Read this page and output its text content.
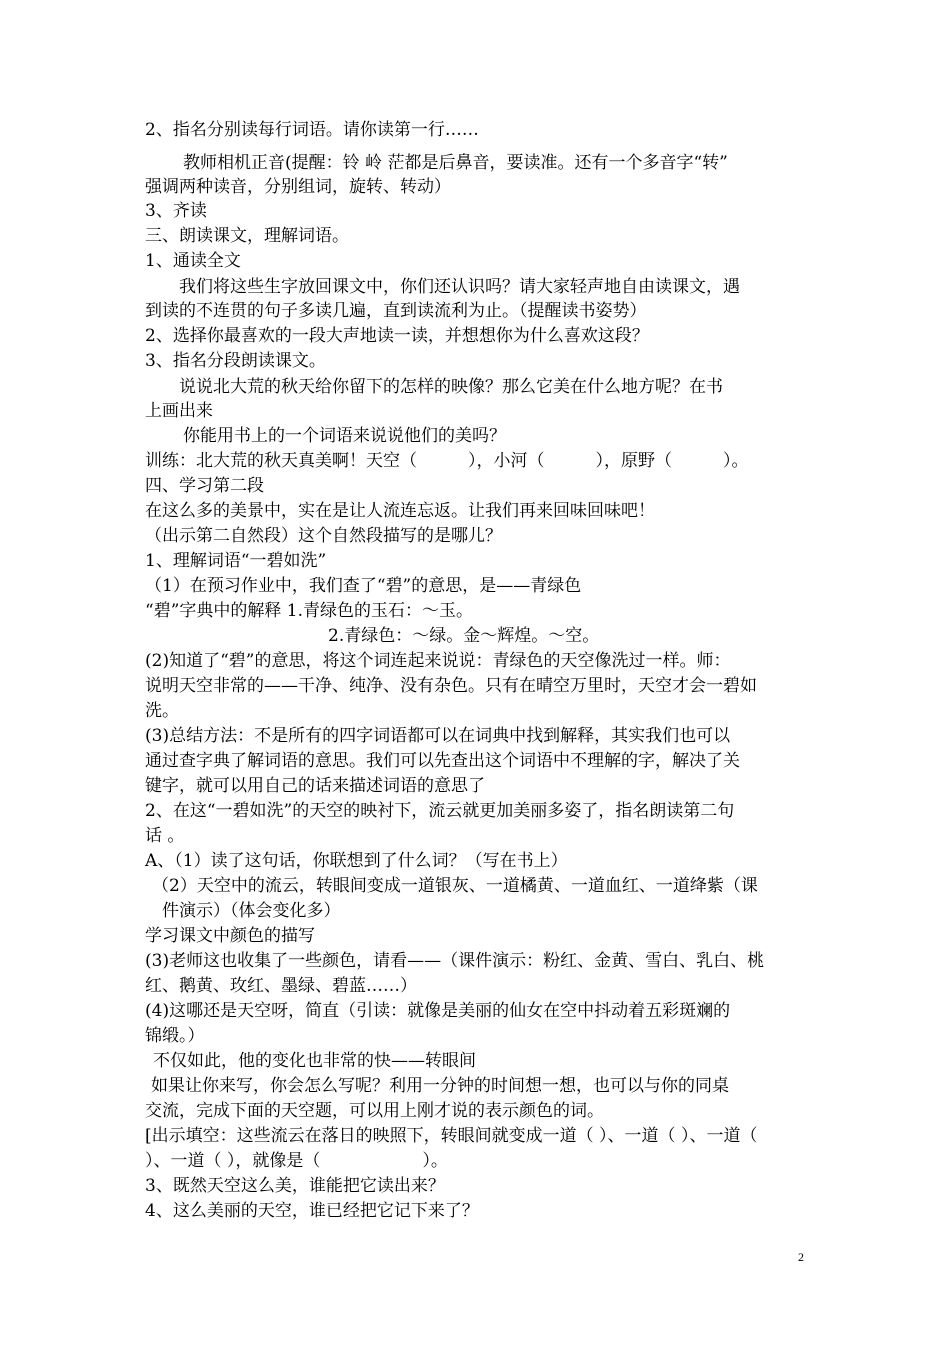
2、指名分别读每行词语。请你读第一行……
教师相机正音(提醒：铃 岭 茫都是后鼻音，要读准。还有一个多音字“转”
强调两种读音，分别组词，旋转、转动）
3、齐读
三、朗读课文，理解词语。
1、通读全文
我们将这些生字放回课文中，你们还认识吗？请大家轻声地自由读课文，遇
到读的不连贯的句子多读几遍，直到读流利为止。（提醒读书姿势）
2、选择你最喜欢的一段大声地读一读，并想想你为什么喜欢这段？
3、指名分段朗读课文。
说说北大荒的秋天给你留下的怎样的映像？那么它美在什么地方呢？在书
上画出来
你能用书上的一个词语来说说他们的美吗？
训练：北大荒的秋天真美啊！天空（　　　），小河（　　　），原野（　　　）。
四、学习第二段
在这么多的美景中，实在是让人流连忘返。让我们再来回味回味吧！
（出示第二自然段）这个自然段描写的是哪儿？
1、理解词语“一碧如洗”
（1）在预习作业中，我们查了“碧”的意思，是——青绿色
“碧”字典中的解释 1.青绿色的玉石：～玉。
2.青绿色：～绿。金～辉煌。～空。
(2)知道了“碧”的意思，将这个词连起来说说：青绿色的天空像洗过一样。师：
说明天空非常的——干净、纯净、没有杂色。只有在晴空万里时，天空才会一碧如
洗。
(3)总结方法：不是所有的四字词语都可以在词典中找到解释，其实我们也可以
通过查字典了解词语的意思。我们可以先查出这个词语中不理解的字，解决了关
键字，就可以用自己的话来描述词语的意思了
2、在这“一碧如洗”的天空的映衬下，流云就更加美丽多姿了，指名朗读第二句
话 。
A、（1）读了这句话，你联想到了什么词？（写在书上）
（2）天空中的流云，转眼间变成一道银灰、一道橘黄、一道血红、一道绛紫（课
件演示）（体会变化多）
学习课文中颜色的描写
(3)老师这也收集了一些颜色，请看——（课件演示：粉红、金黄、雪白、乳白、桃
红、鹅黄、玫红、墨绿、碧蓝……）
(4)这哪还是天空呀，简直（引读：就像是美丽的仙女在空中抖动着五彩斑斓的
锦缎。）
不仅如此，他的变化也非常的快——转眼间
如果让你来写，你会怎么写呢？利用一分钟的时间想一想，也可以与你的同桌
交流，完成下面的天空题，可以用上刚才说的表示颜色的词。
[出示填空：这些流云在落日的映照下，转眼间就变成一道（ ）、一道（ ）、一道（
）、一道（ ），就像是（　　　　　　）。
3、既然天空这么美，谁能把它读出来？
4、这么美丽的天空，谁已经把它记下来了？
2
